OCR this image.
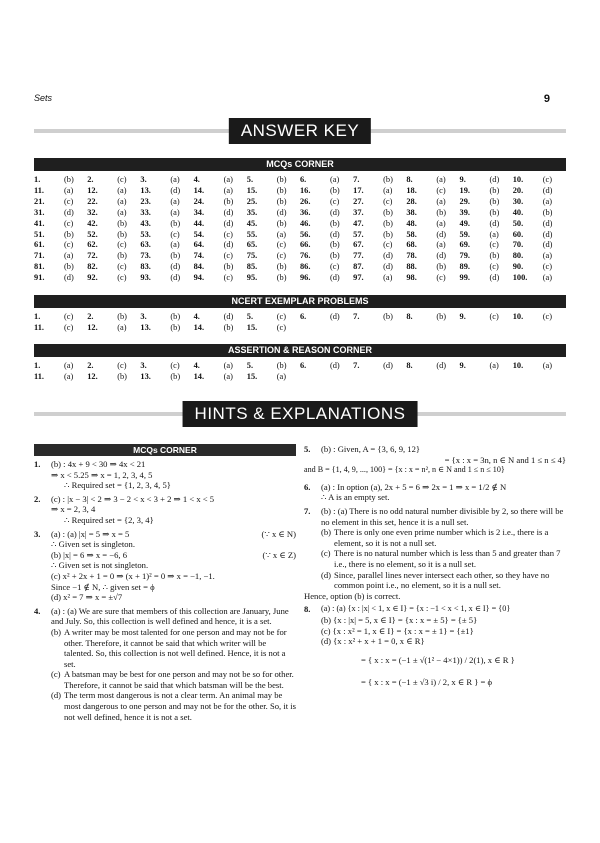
Sets	9
ANSWER KEY
MCQs CORNER
1.	(b)	2.	(c)	3.	(a)	4.	(a)	5.	(b)	6.	(a)	7.	(b)	8.	(a)	9.	(d)	10.	(c)
11.	(a)	12.	(a)	13.	(d)	14.	(a)	15.	(b)	16.	(b)	17.	(a)	18.	(c)	19.	(b)	20.	(d)
21.	(c)	22.	(a)	23.	(a)	24.	(b)	25.	(b)	26.	(c)	27.	(c)	28.	(a)	29.	(b)	30.	(a)
31.	(d)	32.	(a)	33.	(a)	34.	(d)	35.	(d)	36.	(d)	37.	(b)	38.	(b)	39.	(b)	40.	(b)
41.	(c)	42.	(b)	43.	(b)	44.	(d)	45.	(b)	46.	(b)	47.	(b)	48.	(a)	49.	(d)	50.	(d)
51.	(b)	52.	(b)	53.	(c)	54.	(c)	55.	(a)	56.	(d)	57.	(b)	58.	(d)	59.	(a)	60.	(d)
61.	(c)	62.	(c)	63.	(a)	64.	(d)	65.	(c)	66.	(b)	67.	(c)	68.	(a)	69.	(c)	70.	(d)
71.	(a)	72.	(b)	73.	(b)	74.	(c)	75.	(c)	76.	(b)	77.	(d)	78.	(d)	79.	(b)	80.	(a)
81.	(b)	82.	(c)	83.	(d)	84.	(b)	85.	(b)	86.	(c)	87.	(d)	88.	(b)	89.	(c)	90.	(c)
91.	(d)	92.	(c)	93.	(d)	94.	(c)	95.	(b)	96.	(d)	97.	(a)	98.	(c)	99.	(d)	100.	(a)
NCERT EXEMPLAR PROBLEMS
1.	(c)	2.	(b)	3.	(b)	4.	(d)	5.	(c)	6.	(d)	7.	(b)	8.	(b)	9.	(c)	10.	(c)
11.	(c)	12.	(a)	13.	(b)	14.	(b)	15.	(c)										
ASSERTION & REASON CORNER
1.	(a)	2.	(c)	3.	(c)	4.	(a)	5.	(b)	6.	(d)	7.	(d)	8.	(d)	9.	(a)	10.	(a)
11.	(a)	12.	(b)	13.	(b)	14.	(a)	15.	(a)										
HINTS & EXPLANATIONS
MCQs CORNER
1. (b) : 4x + 9 < 30 ⇒ 4x < 21

⇒ x < 5.25 ⇒ x = 1, 2, 3, 4, 5

∴ Required set = {1, 2, 3, 4, 5}

2. (c) : |x − 3| < 2 ⇒ 3 − 2 < x < 3 + 2 ⇒ 1 < x < 5

⇒ x = 2, 3, 4

∴ Required set = {2, 3, 4}

3. (a) : (a) |x| = 5 ⇒ x = 5	(∵ x ∈ N)

∴ Given set is singleton.

(b) |x| = 6 ⇒ x = −6, 6	(∵ x ∈ Z)

∴ Given set is not singleton.

(c) x² + 2x + 1 = 0 ⇒ (x + 1)² = 0 ⇒ x = −1, −1.

Since −1 ∉ N, ∴ given set = ϕ

(d) x² = 7 ⇒ x = ±√7

4. (a) : (a) We are sure that members of this collection are January, June and July. So, this collection is well defined and hence, it is a set.

(b) A writer may be most talented for one person and may not be for other. Therefore, it cannot be said that which writer will be talented. So, this collection is not well defined. Hence, it is not a set.
(c) A batsman may be best for one person and may not be so for other. Therefore, it cannot be said that which batsman will be the best.
(d) The term most dangerous is not a clear term. An animal may be most dangerous to one person and may not be for the other. So, it is not well defined, hence it is not a set.
5. (b) : Given, A = {3, 6, 9, 12}

= {x : x = 3n, n ∈ N and 1 ≤ n ≤ 4}

and B = {1, 4, 9, ..., 100} = {x : x = n², n ∈ N and 1 ≤ n ≤ 10}

6. (a) : In option (a), 2x + 5 = 6 ⇒ 2x = 1 ⇒ x = 1/2 ∉ N

∴ A is an empty set.

7. (b) : (a) There is no odd natural number divisible by 2, so there will be no element in this set, hence it is a null set.

(b) There is only one even prime number which is 2 i.e., there is a element, so it is not a null set.
(c) There is no natural number which is less than 5 and greater than 7 i.e., there is no element, so it is a null set.
(d) Since, parallel lines never intersect each other, so they have no common point i.e., no element, so it is a null set.

Hence, option (b) is correct.

8. (a) : (a) {x : |x| < 1, x ∈ I} = {x : −1 < x < 1, x ∈ I} = {0}

(b) {x : |x| = 5, x ∈ I} = {x : x = ± 5} = {± 5}

(c) {x : x² = 1, x ∈ I} = {x : x = ± 1} = {±1}

(d) {x : x² + x + 1 = 0, x ∈ R}

= { x : x = (−1 ± √(1² − 4×1)) / 2(1), x ∈ R }

= { x : x = (−1 ± √3 i) / 2, x ∈ R } = ϕ
